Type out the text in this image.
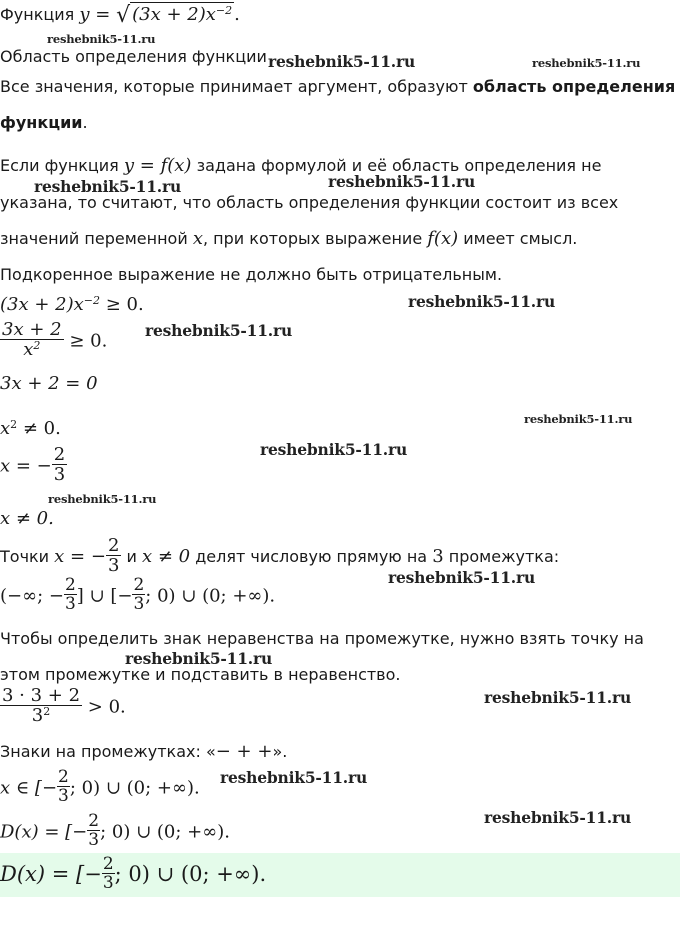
Функция y = √ $(3x + 2)x^{-2}$ .
Область определения функции
Все значения, которые принимает аргумент, образуют область определения
функции.
Если функция y = f(x) задана формулой и её область определения не
указана, то считают, что область определения функции состоит из всех
значений переменной x, при которых выражение f(x) имеет смысл.
Подкоренное выражение не должно быть отрицательным.
$(3x + 2)x^{-2} \ge 0$.
$\frac{3x + 2}{x^2} \ge 0$.
3x + 2 = 0
$x^2 \ne 0$.
x = − $\frac{2}{3}$
x ≠ 0.
Точки x = − $\frac{2}{3}$ и x ≠ 0 делят числовую прямую на 3 промежутка:
(−∞; − $\frac{2}{3}$ ] ∪ [− $\frac{2}{3}$ ; 0) ∪ (0; +∞).
Чтобы определить знак неравенства на промежутке, нужно взять точку на
этом промежутке и подставить в неравенство.
$\frac{3 \cdot 3 + 2}{3^2} > 0$.
Знаки на промежутках: «− + +».
x ∈ [− $\frac{2}{3}$ ; 0) ∪ (0; +∞).
D(x) = [− $\frac{2}{3}$ ; 0) ∪ (0; +∞).
D(x) = [− $\frac{2}{3}$ ; 0) ∪ (0; +∞).
reshebnik5-11.ru
reshebnik5-11.ru	reshebnik5-11.ru
reshebnik5-11.ru	reshebnik5-11.ru
reshebnik5-11.ru
reshebnik5-11.ru
reshebnik5-11.ru
reshebnik5-11.ru
reshebnik5-11.ru
reshebnik5-11.ru
reshebnik5-11.ru
reshebnik5-11.ru
reshebnik5-11.ru
reshebnik5-11.ru
